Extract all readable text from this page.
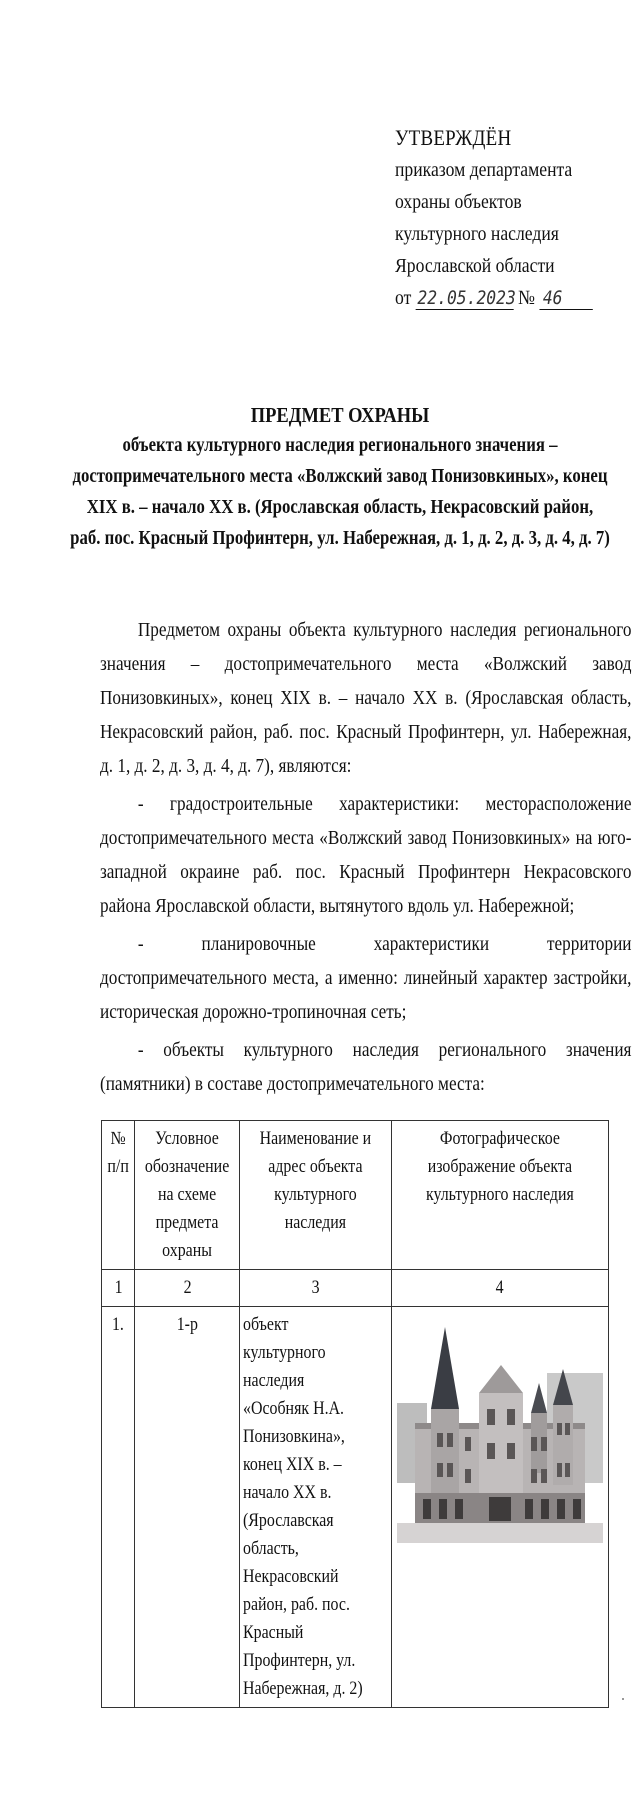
УТВЕРЖДЁН
приказом департамента
охраны объектов
культурного наследия
Ярославской области
от 22.05.2023 № 46
ПРЕДМЕТ ОХРАНЫ
объекта культурного наследия регионального значения –
достопримечательного места «Волжский завод Понизовкиных», конец
XIX в. – начало XX в. (Ярославская область, Некрасовский район,
раб. пос. Красный Профинтерн, ул. Набережная, д. 1, д. 2, д. 3, д. 4, д. 7)

Предметом охраны объекта культурного наследия регионального значения – достопримечательного места «Волжский завод Понизовкиных», конец XIX в. – начало XX в. (Ярославская область, Некрасовский район, раб. пос. Красный Профинтерн, ул. Набережная, д. 1, д. 2, д. 3, д. 4, д. 7), являются:

- градостроительные характеристики: месторасположение достопримечательного места «Волжский завод Понизовкиных» на юго-западной окраине раб. пос. Красный Профинтерн Некрасовского района Ярославской области, вытянутого вдоль ул. Набережной;

- планировочные характеристики территории достопримечательного места, а именно: линейный характер застройки, историческая дорожно-тропиночная сеть;

- объекты культурного наследия регионального значения (памятники) в составе достопримечательного места:

№ п/п	Условное обозначение на схеме предмета охраны	Наименование и адрес объекта культурного наследия	Фотографическое изображение объекта культурного наследия
1	2	3	4
1.	1-р	объект культурного наследия «Особняк Н.А. Понизовкина», конец XIX в. – начало XX в. (Ярославская область, Некрасовский район, раб. пос. Красный Профинтерн, ул. Набережная, д. 2)	
